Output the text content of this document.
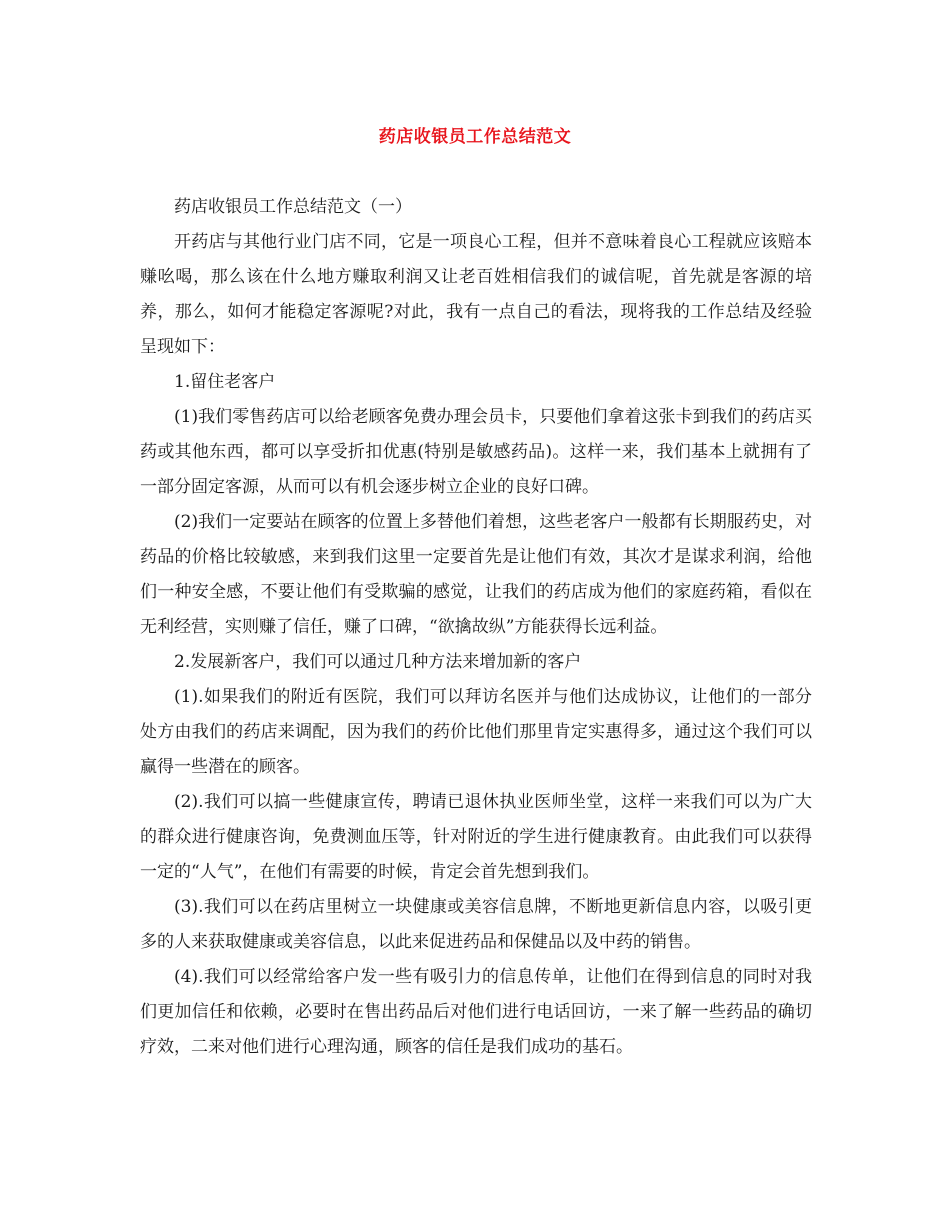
药店收银员工作总结范文

药店收银员工作总结范文（一）

开药店与其他行业门店不同，它是一项良心工程，但并不意味着良心工程就应该赔本赚吆喝，那么该在什么地方赚取利润又让老百姓相信我们的诚信呢，首先就是客源的培养，那么，如何才能稳定客源呢?对此，我有一点自己的看法，现将我的工作总结及经验呈现如下：

1.留住老客户

(1)我们零售药店可以给老顾客免费办理会员卡，只要他们拿着这张卡到我们的药店买药或其他东西，都可以享受折扣优惠(特别是敏感药品)。这样一来，我们基本上就拥有了一部分固定客源，从而可以有机会逐步树立企业的良好口碑。

(2)我们一定要站在顾客的位置上多替他们着想，这些老客户一般都有长期服药史，对药品的价格比较敏感，来到我们这里一定要首先是让他们有效，其次才是谋求利润，给他们一种安全感，不要让他们有受欺骗的感觉，让我们的药店成为他们的家庭药箱，看似在无利经营，实则赚了信任，赚了口碑，“欲擒故纵”方能获得长远利益。

2.发展新客户，我们可以通过几种方法来增加新的客户

(1).如果我们的附近有医院，我们可以拜访名医并与他们达成协议，让他们的一部分处方由我们的药店来调配，因为我们的药价比他们那里肯定实惠得多，通过这个我们可以赢得一些潜在的顾客。

(2).我们可以搞一些健康宣传，聘请已退休执业医师坐堂，这样一来我们可以为广大的群众进行健康咨询，免费测血压等，针对附近的学生进行健康教育。由此我们可以获得一定的“人气”，在他们有需要的时候，肯定会首先想到我们。

(3).我们可以在药店里树立一块健康或美容信息牌，不断地更新信息内容，以吸引更多的人来获取健康或美容信息，以此来促进药品和保健品以及中药的销售。

(4).我们可以经常给客户发一些有吸引力的信息传单，让他们在得到信息的同时对我们更加信任和依赖，必要时在售出药品后对他们进行电话回访，一来了解一些药品的确切疗效，二来对他们进行心理沟通，顾客的信任是我们成功的基石。
